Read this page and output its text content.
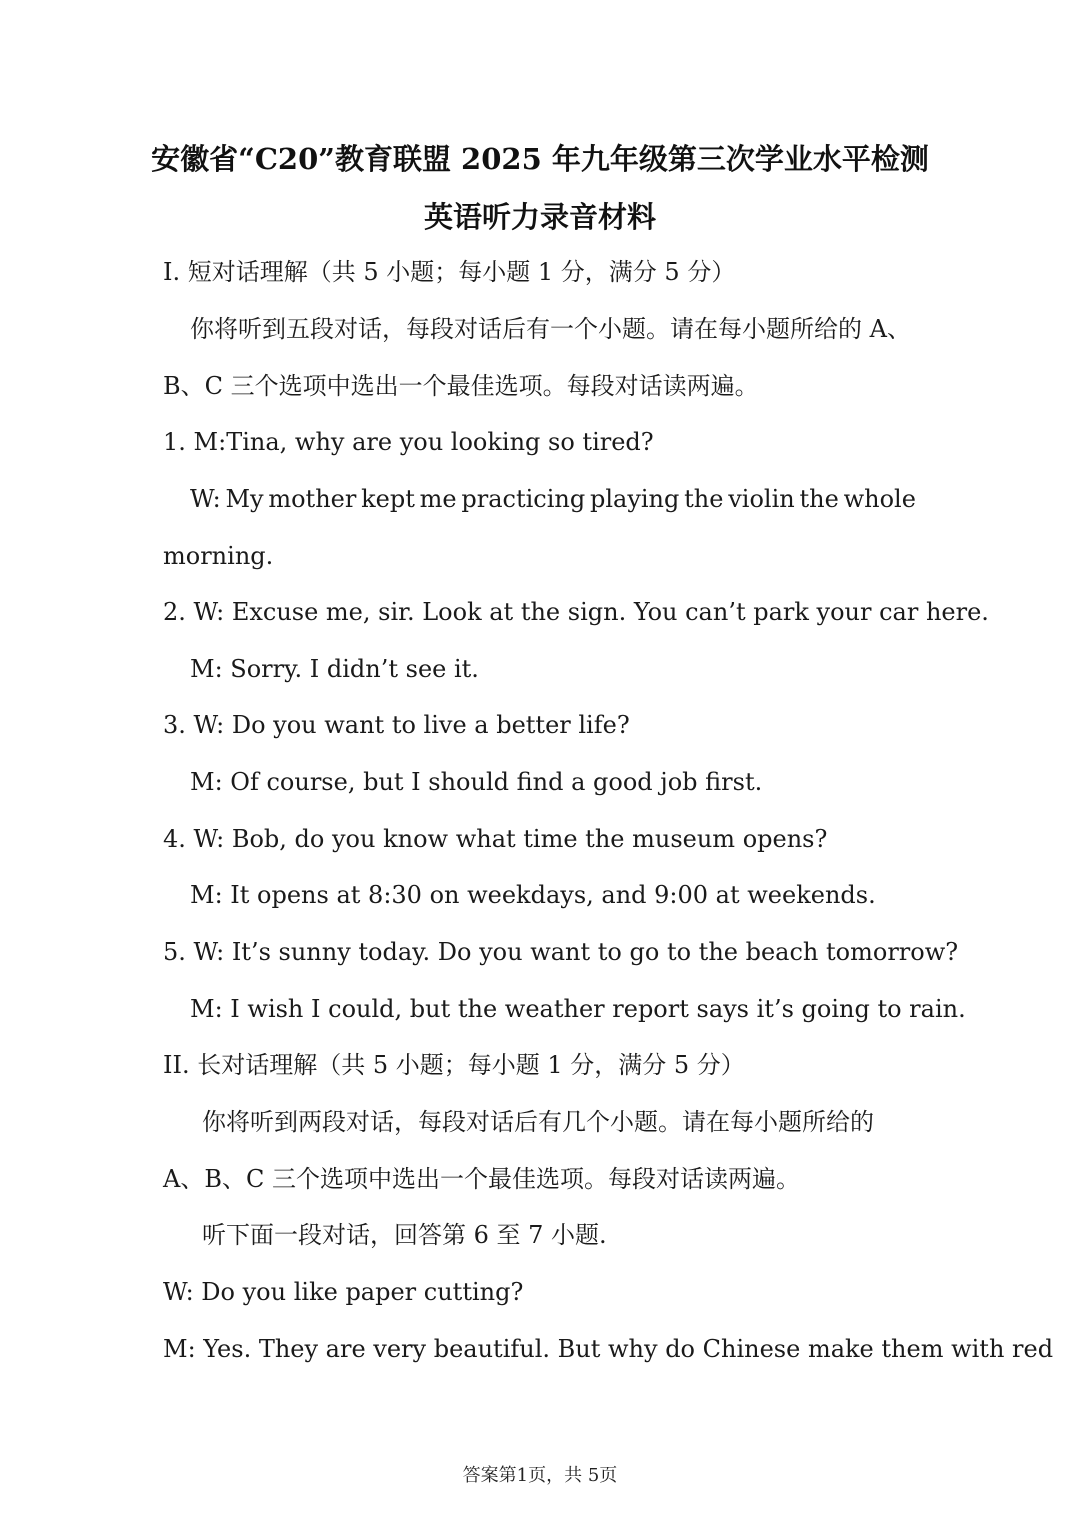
安徽省“C20”教育联盟 2025 年九年级第三次学业水平检测
英语听力录音材料
I. 短对话理解（共 5 小题；每小题 1 分，满分 5 分）
你将听到五段对话，每段对话后有一个小题。请在每小题所给的 A、
B、C 三个选项中选出一个最佳选项。每段对话读两遍。
1. M:Tina, why are you looking so tired?
W: My mother kept me practicing playing the violin the whole
morning.
2. W: Excuse me, sir. Look at the sign. You can’t park your car here.
M: Sorry. I didn’t see it.
3. W: Do you want to live a better life?
M: Of course, but I should find a good job first.
4. W: Bob, do you know what time the museum opens?
M: It opens at 8:30 on weekdays, and 9:00 at weekends.
5. W: It’s sunny today. Do you want to go to the beach tomorrow?
M: I wish I could, but the weather report says it’s going to rain.
II. 长对话理解（共 5 小题；每小题 1 分，满分 5 分）
你将听到两段对话，每段对话后有几个小题。请在每小题所给的
A、B、C 三个选项中选出一个最佳选项。每段对话读两遍。
听下面一段对话，回答第 6 至 7 小题.
W: Do you like paper cutting?
M: Yes. They are very beautiful. But why do Chinese make them with red
答案第1页，共 5页
